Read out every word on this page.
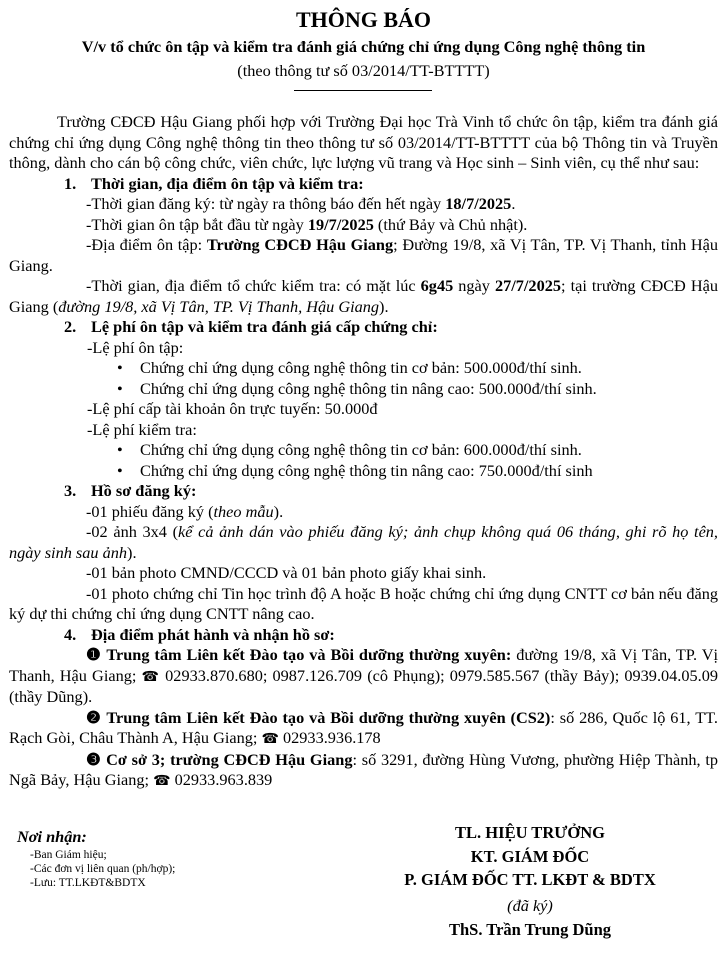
THÔNG BÁO
V/v tổ chức ôn tập và kiểm tra đánh giá chứng chỉ ứng dụng Công nghệ thông tin
(theo thông tư số 03/2014/TT-BTTTT)

Trường CĐCĐ Hậu Giang phối hợp với Trường Đại học Trà Vinh tổ chức ôn tập, kiểm tra đánh giá chứng chỉ ứng dụng Công nghệ thông tin theo thông tư số 03/2014/TT-BTTTT của bộ Thông tin và Truyền thông, dành cho cán bộ công chức, viên chức, lực lượng vũ trang và Học sinh – Sinh viên, cụ thể như sau:

1. Thời gian, địa điểm ôn tập và kiểm tra:

-Thời gian đăng ký: từ ngày ra thông báo đến hết ngày 18/7/2025.

-Thời gian ôn tập bắt đầu từ ngày 19/7/2025 (thứ Bảy và Chủ nhật).

-Địa điểm ôn tập: Trường CĐCĐ Hậu Giang; Đường 19/8, xã Vị Tân, TP. Vị Thanh, tỉnh Hậu Giang.

-Thời gian, địa điểm tổ chức kiểm tra: có mặt lúc 6g45 ngày 27/7/2025; tại trường CĐCĐ Hậu Giang (đường 19/8, xã Vị Tân, TP. Vị Thanh, Hậu Giang).

2. Lệ phí ôn tập và kiểm tra đánh giá cấp chứng chỉ:

-Lệ phí ôn tập:

• Chứng chỉ ứng dụng công nghệ thông tin cơ bản: 500.000đ/thí sinh.

• Chứng chỉ ứng dụng công nghệ thông tin nâng cao: 500.000đ/thí sinh.

-Lệ phí cấp tài khoản ôn trực tuyến: 50.000đ

-Lệ phí kiểm tra:

• Chứng chỉ ứng dụng công nghệ thông tin cơ bản: 600.000đ/thí sinh.

• Chứng chỉ ứng dụng công nghệ thông tin nâng cao: 750.000đ/thí sinh

3. Hồ sơ đăng ký:

-01 phiếu đăng ký (theo mẫu).

-02 ảnh 3x4 (kể cả ảnh dán vào phiếu đăng ký; ảnh chụp không quá 06 tháng, ghi rõ họ tên, ngày sinh sau ảnh).

-01 bản photo CMND/CCCD và 01 bản photo giấy khai sinh.

-01 photo chứng chỉ Tin học trình độ A hoặc B hoặc chứng chỉ ứng dụng CNTT cơ bản nếu đăng ký dự thi chứng chỉ ứng dụng CNTT nâng cao.

4. Địa điểm phát hành và nhận hồ sơ:

❶ Trung tâm Liên kết Đào tạo và Bồi dưỡng thường xuyên: đường 19/8, xã Vị Tân, TP. Vị Thanh, Hậu Giang; ☎ 02933.870.680; 0987.126.709 (cô Phụng); 0979.585.567 (thầy Bảy); 0939.04.05.09 (thầy Dũng).

❷ Trung tâm Liên kết Đào tạo và Bồi dưỡng thường xuyên (CS2): số 286, Quốc lộ 61, TT. Rạch Gòi, Châu Thành A, Hậu Giang; ☎ 02933.936.178

❸ Cơ sở 3; trường CĐCĐ Hậu Giang: số 3291, đường Hùng Vương, phường Hiệp Thành, tp Ngã Bảy, Hậu Giang; ☎ 02933.963.839

Nơi nhận:
-Ban Giám hiệu;
-Các đơn vị liên quan (ph/hợp);
-Lưu: TT.LKĐT&BDTX
TL. HIỆU TRƯỞNG
KT. GIÁM ĐỐC
P. GIÁM ĐỐC TT. LKĐT & BDTX
(đã ký)
ThS. Trần Trung Dũng
